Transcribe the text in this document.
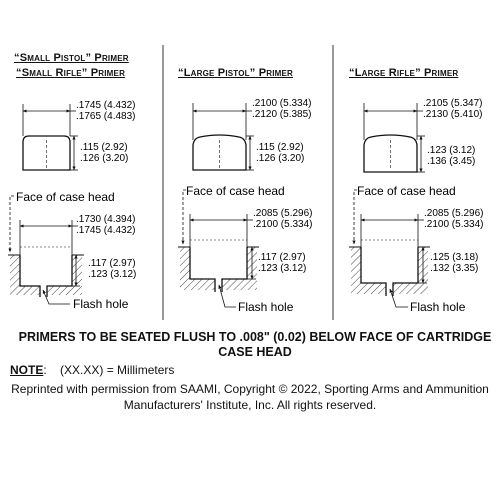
“Small Pistol” Primer
“Small Rifle” Primer	“Large Pistol” Primer	“Large Rifle” Primer
.1745 (4.432)
.1765 (4.483)
.115 (2.92)
.126 (3.20)
Face of case head
.1730 (4.394)
.1745 (4.432)
.117 (2.97)
.123 (3.12)
Flash hole
.2100 (5.334)
.2120 (5.385)
.115 (2.92)
.126 (3.20)
Face of case head
.2085 (5.296)
.2100 (5.334)
.117 (2.97)
.123 (3.12)
Flash hole
.2105 (5.347)
.2130 (5.410)
.123 (3.12)
.136 (3.45)
Face of case head
.2085 (5.296)
.2100 (5.334)
.125 (3.18)
.132 (3.35)
Flash hole
PRIMERS TO BE SEATED FLUSH TO .008" (0.02) BELOW FACE OF CARTRIDGE CASE HEAD
NOTE:    (XX.XX) = Millimeters
Reprinted with permission from SAAMI, Copyright © 2022, Sporting Arms and Ammunition Manufacturers' Institute, Inc. All rights reserved.
